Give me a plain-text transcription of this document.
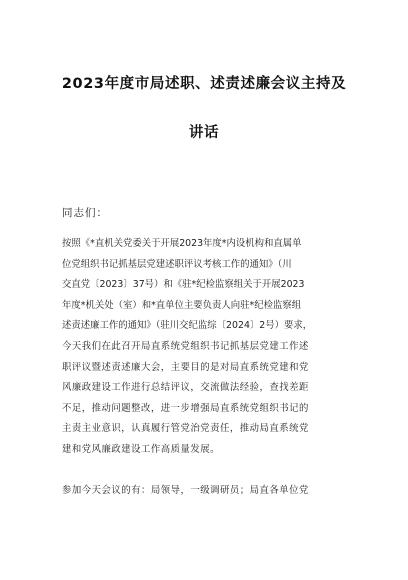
2023年度市局述职、述责述廉会议主持及
讲话
同志们：
按照《*直机关党委关于开展2023年度*内设机构和直属单
位党组织书记抓基层党建述职评议考核工作的通知》（川
交直党〔2023〕37号）和《驻*纪检监察组关于开展2023
年度*机关处（室）和*直单位主要负责人向驻*纪检监察组
述责述廉工作的通知》（驻川交纪监综〔2024〕2号）要求，
今天我们在此召开局直系统党组织书记抓基层党建工作述
职评议暨述责述廉大会，主要目的是对局直系统党建和党
风廉政建设工作进行总结评议，交流做法经验，查找差距
不足，推动问题整改，进一步增强局直系统党组织书记的
主责主业意识，认真履行管党治党责任，推动局直系统党
建和党风廉政建设工作高质量发展。
参加今天会议的有：局领导，一级调研员；局直各单位党
